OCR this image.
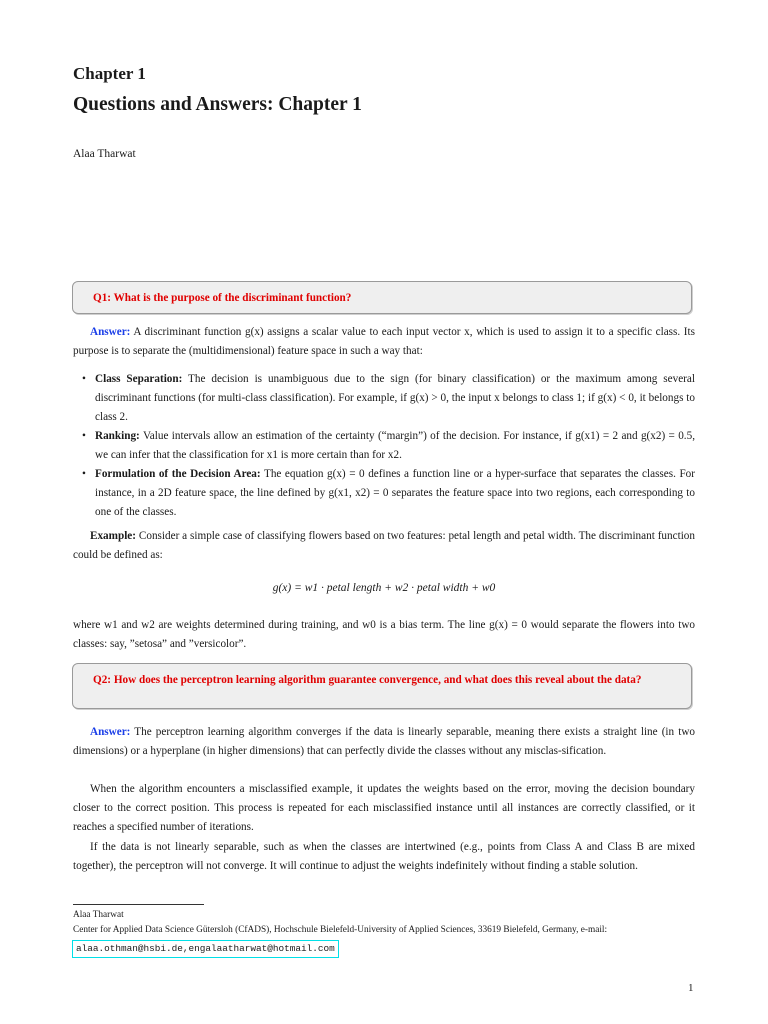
Chapter 1
Questions and Answers: Chapter 1
Alaa Tharwat
Q1: What is the purpose of the discriminant function?
Answer: A discriminant function g(x) assigns a scalar value to each input vector x, which is used to assign it to a specific class. Its purpose is to separate the (multidimensional) feature space in such a way that:
• Class Separation: The decision is unambiguous due to the sign (for binary classification) or the maximum among several discriminant functions (for multi-class classification). For example, if g(x) > 0, the input x belongs to class 1; if g(x) < 0, it belongs to class 2.
• Ranking: Value intervals allow an estimation of the certainty (“margin”) of the decision. For instance, if g(x1) = 2 and g(x2) = 0.5, we can infer that the classification for x1 is more certain than for x2.
• Formulation of the Decision Area: The equation g(x) = 0 defines a function line or a hyper-surface that separates the classes. For instance, in a 2D feature space, the line defined by g(x1, x2) = 0 separates the feature space into two regions, each corresponding to one of the classes.
Example: Consider a simple case of classifying flowers based on two features: petal length and petal width. The discriminant function could be defined as:
g(x) = w1 · petal length + w2 · petal width + w0
where w1 and w2 are weights determined during training, and w0 is a bias term. The line g(x) = 0 would separate the flowers into two classes: say, ”setosa” and ”versicolor”.
Q2: How does the perceptron learning algorithm guarantee convergence, and what does this reveal about the data?
Answer: The perceptron learning algorithm converges if the data is linearly separable, meaning there exists a straight line (in two dimensions) or a hyperplane (in higher dimensions) that can perfectly divide the classes without any misclas-sification.
When the algorithm encounters a misclassified example, it updates the weights based on the error, moving the decision boundary closer to the correct position. This process is repeated for each misclassified instance until all instances are correctly classified, or it reaches a specified number of iterations.
If the data is not linearly separable, such as when the classes are intertwined (e.g., points from Class A and Class B are mixed together), the perceptron will not converge. It will continue to adjust the weights indefinitely without finding a stable solution.
Alaa Tharwat
Center for Applied Data Science Gütersloh (CfADS), Hochschule Bielefeld-University of Applied Sciences, 33619 Bielefeld, Germany, e-mail:
alaa.othman@hsbi.de,engalaatharwat@hotmail.com
1
